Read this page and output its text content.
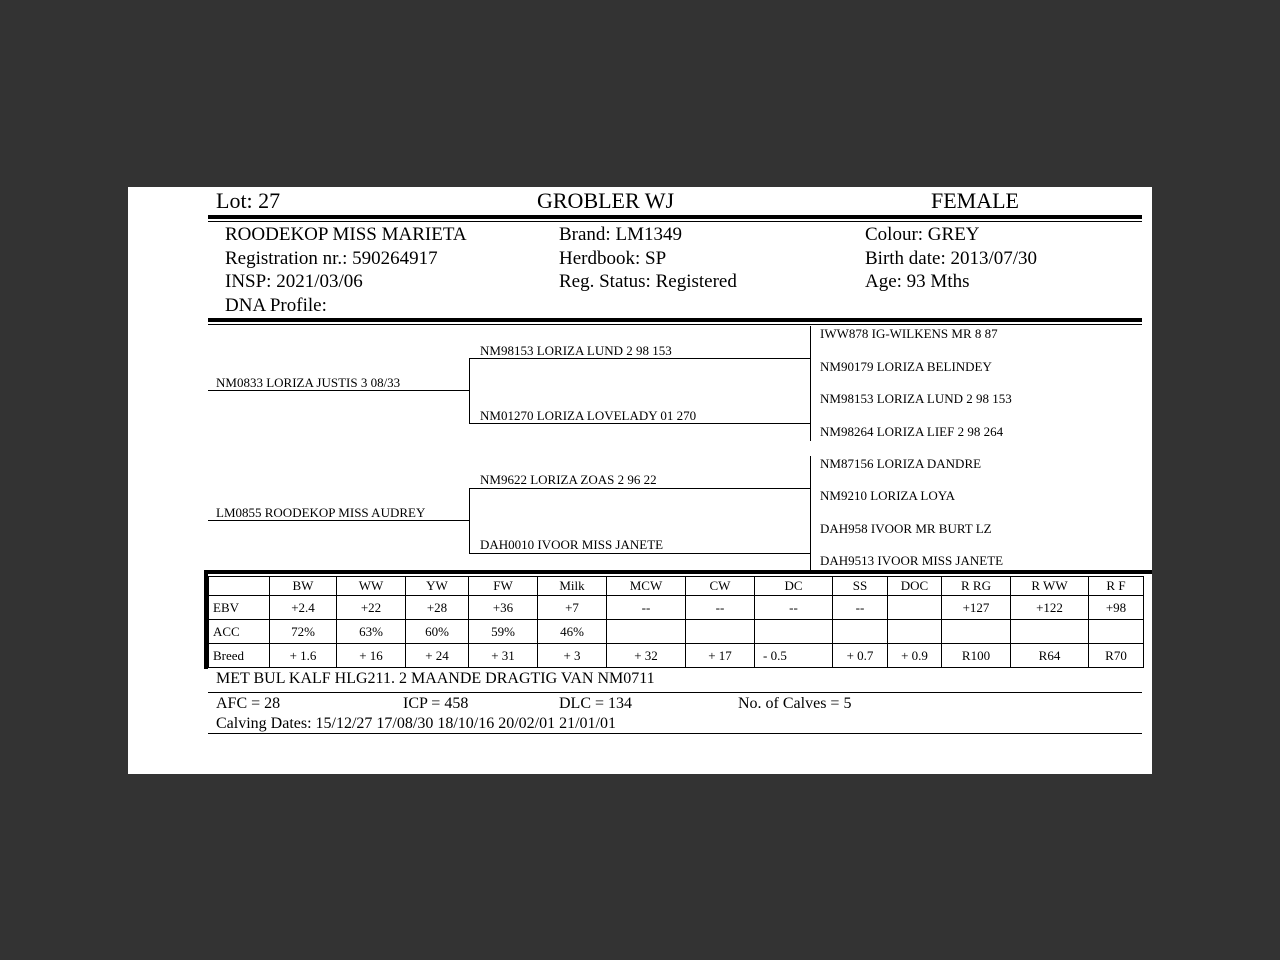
Lot: 27	GROBLER WJ	FEMALE
ROODEKOP MISS MARIETA
Registration nr.: 590264917
INSP: 2021/03/06
DNA Profile:
Brand: LM1349
Herdbook: SP
Reg. Status: Registered
Colour: GREY
Birth date: 2013/07/30
Age: 93 Mths
NM0833 LORIZA JUSTIS 3 08/33
LM0855 ROODEKOP MISS AUDREY
NM98153 LORIZA LUND 2 98 153
NM01270 LORIZA LOVELADY 01 270
NM9622 LORIZA ZOAS 2 96 22
DAH0010 IVOOR MISS JANETE
IWW878 IG-WILKENS MR 8 87
NM90179 LORIZA BELINDEY
NM98153 LORIZA LUND 2 98 153
NM98264 LORIZA LIEF 2 98 264
NM87156 LORIZA DANDRE
NM9210 LORIZA LOYA
DAH958 IVOOR MR BURT LZ
DAH9513 IVOOR MISS JANETE
	BW	WW	YW	FW	Milk	MCW	CW	DC	SS	DOC	R RG	R WW	R F
EBV	+2.4	+22	+28	+36	+7	--	--	--	--		+127	+122	+98
ACC	72%	63%	60%	59%	46%								
Breed	+ 1.6	+ 16	+ 24	+ 31	+ 3	+ 32	+ 17	- 0.5	+ 0.7	+ 0.9	R100	R64	R70
MET BUL KALF HLG211. 2 MAANDE DRAGTIG VAN NM0711
AFC = 28	ICP = 458	DLC = 134	No. of Calves = 5
Calving Dates: 15/12/27 17/08/30 18/10/16 20/02/01 21/01/01
